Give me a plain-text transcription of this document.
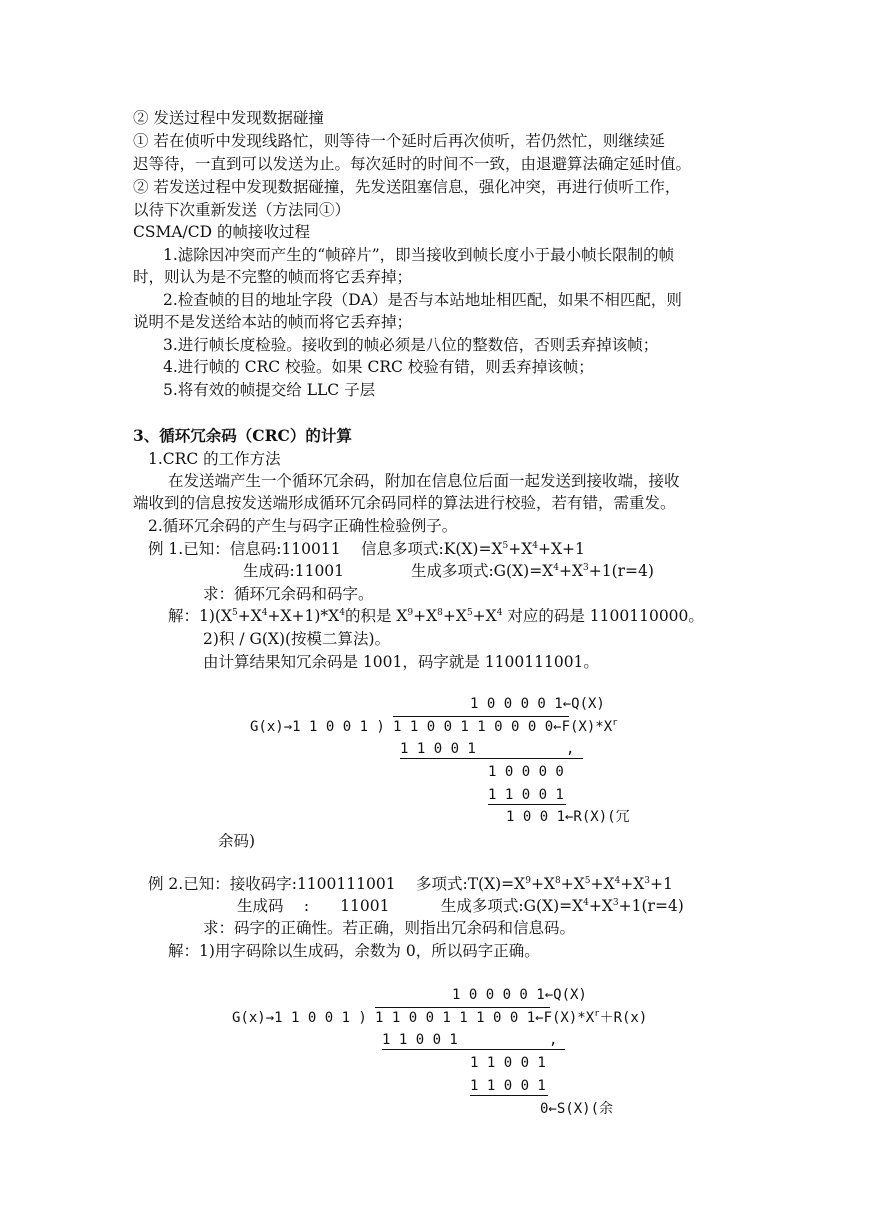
② 发送过程中发现数据碰撞
① 若在侦听中发现线路忙，则等待一个延时后再次侦听，若仍然忙，则继续延
迟等待，一直到可以发送为止。每次延时的时间不一致，由退避算法确定延时值。
② 若发送过程中发现数据碰撞，先发送阻塞信息，强化冲突，再进行侦听工作，
以待下次重新发送（方法同①）
CSMA/CD 的帧接收过程
1.滤除因冲突而产生的“帧碎片”，即当接收到帧长度小于最小帧长限制的帧
时，则认为是不完整的帧而将它丢弃掉；
2.检查帧的目的地址字段（DA）是否与本站地址相匹配，如果不相匹配，则
说明不是发送给本站的帧而将它丢弃掉；
3.进行帧长度检验。接收到的帧必须是八位的整数倍，否则丢弃掉该帧；
4.进行帧的 CRC 校验。如果 CRC 校验有错，则丢弃掉该帧；
5.将有效的帧提交给 LLC 子层
3、循环冗余码（CRC）的计算
1.CRC 的工作方法
在发送端产生一个循环冗余码，附加在信息位后面一起发送到接收端，接收
端收到的信息按发送端形成循环冗余码同样的算法进行校验，若有错，需重发。
2.循环冗余码的产生与码字正确性检验例子。
例 1.已知：信息码:110011　 信息多项式$:K(X)=X^5+X^4+X+1$
生成码:11001　　　　 生成多项式$:G(X)=X^4+X^3+1(r=4)$
求：循环冗余码和码字。
解：$1)(X^5+X^4+X+1)*X^4$的积是 $X^9+X^8+X^5+X^4$ 对应的码是 1100110000。
2)积 / G(X)(按模二算法)。
由计算结果知冗余码是 1001，码字就是 1100111001。
1 0 0 0 0 1←Q(X)
G(x)→1 1 0 0 1 ) 1 1 0 0 1 1 0 0 0 $0\leftarrow F(X)*X^r$
1 1 0 0 1	,
1 0 0 0 0
1 1 0 0 1
1 0 0 1←R(X)(冗
余码)
例 2.已知：接收码字:1100111001　 多项式$:T(X)=X^9+X^8+X^5+X^4+X^3+1$
生成码　 :　　11001　　　 生成多项式$:G(X)=X^4+X^3+1(r=4)$
求：码字的正确性。若正确，则指出冗余码和信息码。
解：1)用字码除以生成码，余数为 0，所以码字正确。
1 0 0 0 0 1←Q(X)
G(x)→1 1 0 0 1 ) 1 1 0 0 1 1 1 0 0 $1\leftarrow F(X)*X^r+R(x)$
1 1 0 0 1	,
1 1 0 0 1
1 1 0 0 1
0←S(X)(余
